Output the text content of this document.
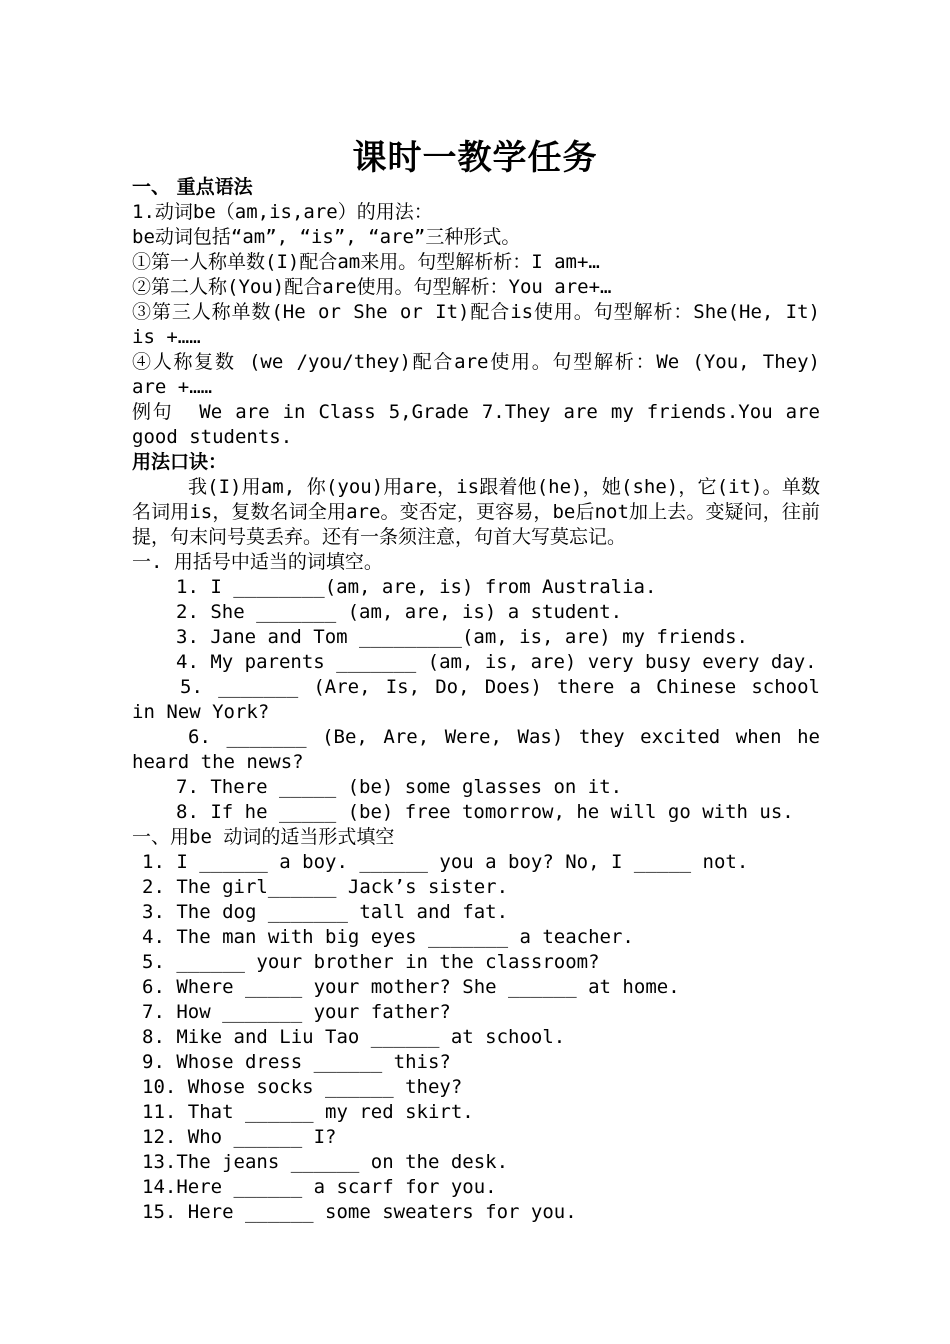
课时一教学任务
一、 重点语法
1.动词be（am,is,are）的用法：
be动词包括“am”, “is”, “are”三种形式。
①第一人称单数(I)配合am来用。句型解析析：I am+…
②第二人称(You)配合are使用。句型解析：You are+…
③第三人称单数(He or She or It)配合is使用。句型解析：She(He, It) is +……
④人称复数 (we /you/they)配合are使用。句型解析：We (You, They) are +……
例句  We are in Class 5,Grade 7.They are my friends.You are good students.
用法口诀：
我(I)用am, 你(you)用are，is跟着他(he)，她(she)，它(it)。单数名词用is，复数名词全用are。变否定，更容易，be后not加上去。变疑问，往前提，句末问号莫丢弃。还有一条须注意，句首大写莫忘记。
一. 用括号中适当的词填空。
1. I ________(am, are, is) from Australia.
2. She _______ (am, are, is) a student.
3. Jane and Tom _________(am, is, are) my friends.
4. My parents _______ (am, is, are) very busy every day.
5. _______ (Are, Is, Do, Does) there a Chinese school in New York?
6. _______ (Be, Are, Were, Was) they excited when he heard the news?
7. There _____ (be) some glasses on it.
8. If he _____ (be) free tomorrow, he will go with us.
一、用be 动词的适当形式填空
1. I ______ a boy. ______ you a boy? No, I _____ not.
2. The girl______ Jack’s sister.
3. The dog _______ tall and fat.
4. The man with big eyes _______ a teacher.
5. ______ your brother in the classroom?
6. Where _____ your mother? She ______ at home.
7. How _______ your father?
8. Mike and Liu Tao ______ at school.
9. Whose dress ______ this?
10. Whose socks ______ they?
11. That ______ my red skirt.
12. Who ______ I?
13.The jeans ______ on the desk.
14.Here ______ a scarf for you.
15. Here ______ some sweaters for you.
